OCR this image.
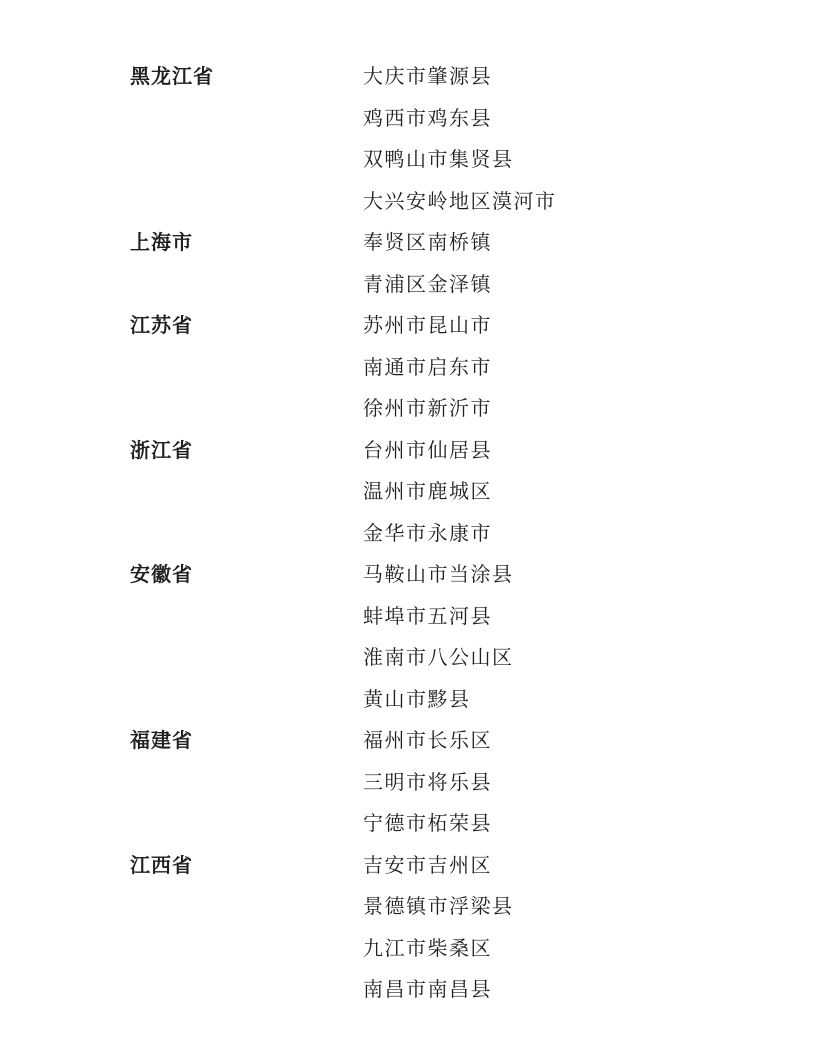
黑龙江省	大庆市肇源县
鸡西市鸡东县
双鸭山市集贤县
大兴安岭地区漠河市
上海市	奉贤区南桥镇
青浦区金泽镇
江苏省	苏州市昆山市
南通市启东市
徐州市新沂市
浙江省	台州市仙居县
温州市鹿城区
金华市永康市
安徽省	马鞍山市当涂县
蚌埠市五河县
淮南市八公山区
黄山市黟县
福建省	福州市长乐区
三明市将乐县
宁德市柘荣县
江西省	吉安市吉州区
景德镇市浮梁县
九江市柴桑区
南昌市南昌县
